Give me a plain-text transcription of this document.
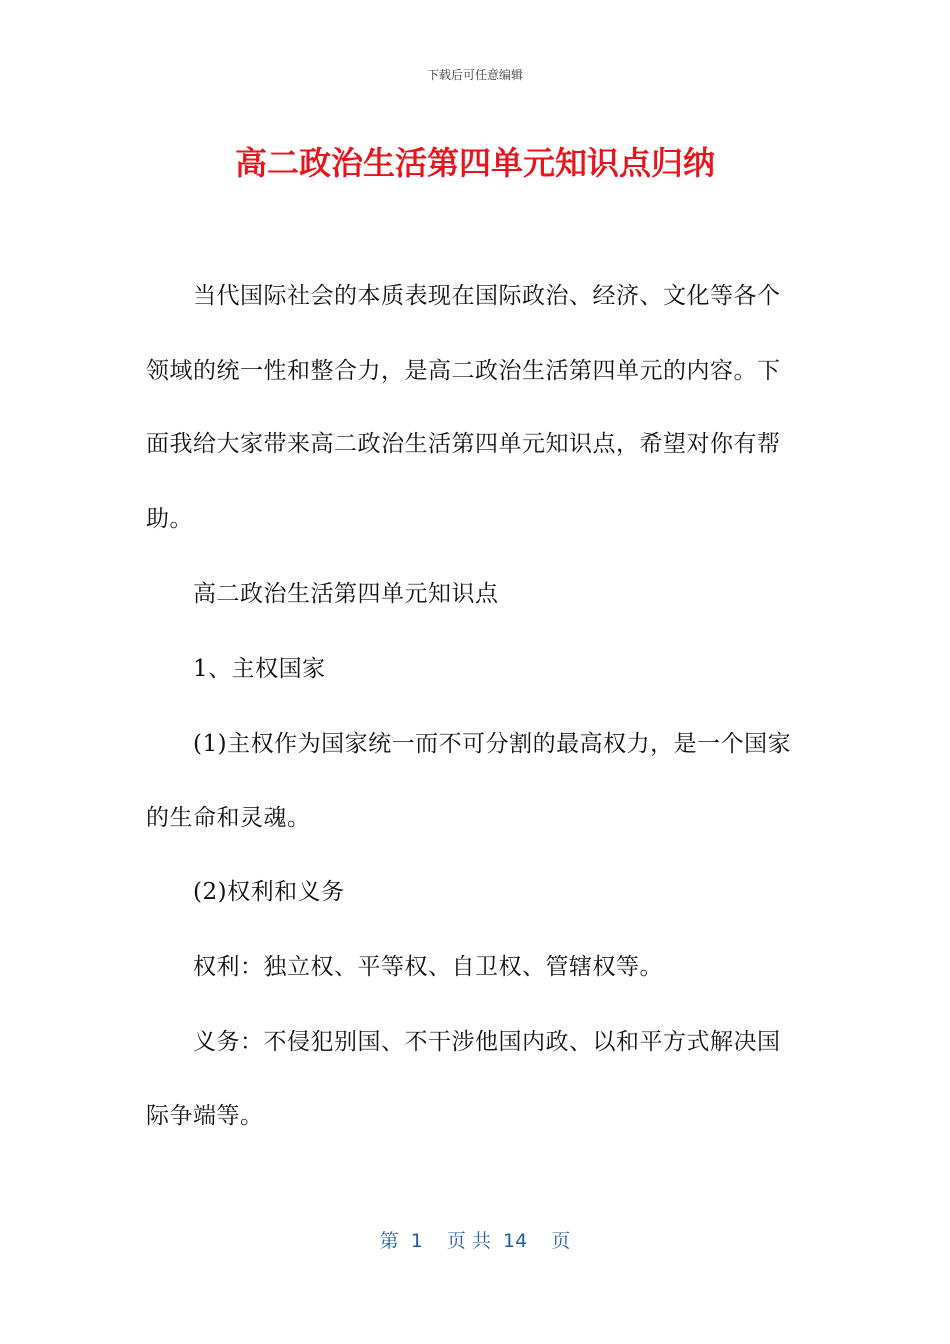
下载后可任意编辑
高二政治生活第四单元知识点归纳
当代国际社会的本质表现在国际政治、经济、文化等各个
领域的统一性和整合力，是高二政治生活第四单元的内容。下
面我给大家带来高二政治生活第四单元知识点，希望对你有帮
助。
高二政治生活第四单元知识点
1、主权国家
(1)主权作为国家统一而不可分割的最高权力，是一个国家
的生命和灵魂。
(2)权利和义务
权利：独立权、平等权、自卫权、管辖权等。
义务：不侵犯别国、不干涉他国内政、以和平方式解决国
际争端等。
第  1    页 共  14    页
